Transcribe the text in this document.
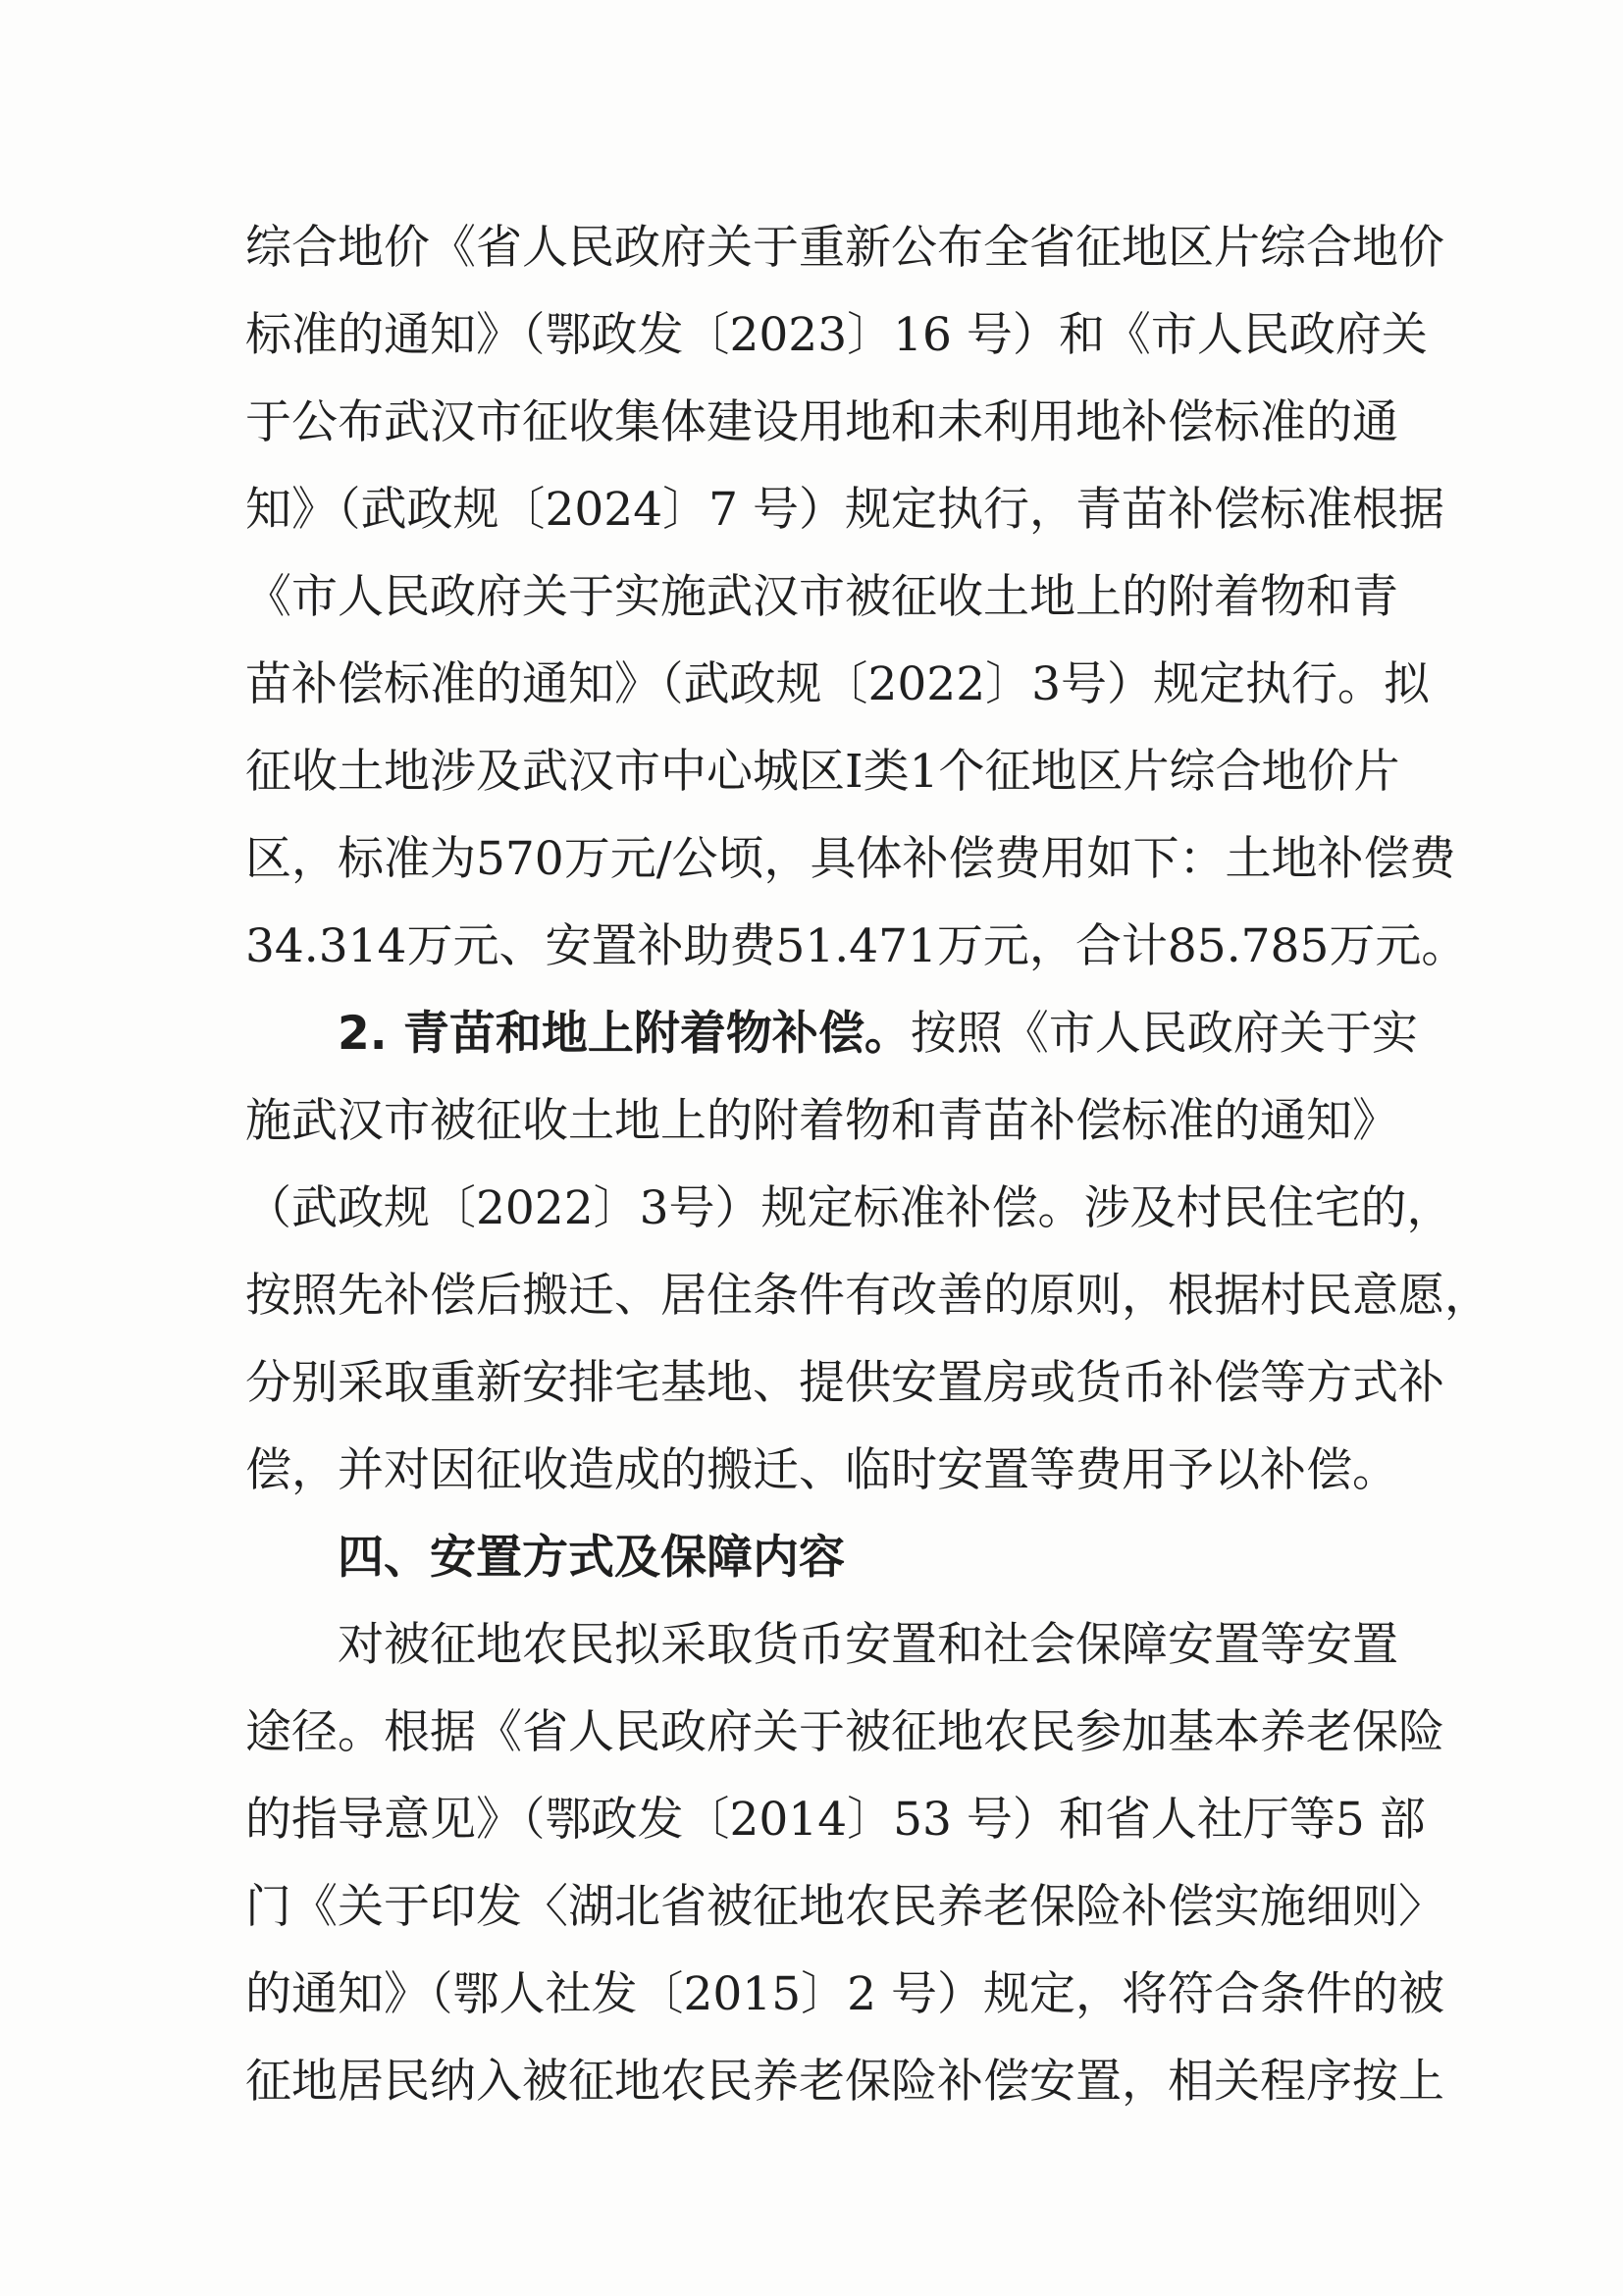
综合地价《省人民政府关于重新公布全省征地区片综合地价
标准的通知》（鄂政发〔2023〕16 号）和《市人民政府关
于公布武汉市征收集体建设用地和未利用地补偿标准的通
知》（武政规〔2024〕7 号）规定执行，青苗补偿标准根据
《市人民政府关于实施武汉市被征收土地上的附着物和青
苗补偿标准的通知》（武政规〔2022〕3号）规定执行。拟
征收土地涉及武汉市中心城区I类1个征地区片综合地价片
区，标准为570万元/公顷，具体补偿费用如下：土地补偿费
34.314万元、安置补助费51.471万元，合计85.785万元。
2. 青苗和地上附着物补偿。按照《市人民政府关于实
施武汉市被征收土地上的附着物和青苗补偿标准的通知》
（武政规〔2022〕3号）规定标准补偿。涉及村民住宅的，
按照先补偿后搬迁、居住条件有改善的原则，根据村民意愿，
分别采取重新安排宅基地、提供安置房或货币补偿等方式补
偿，并对因征收造成的搬迁、临时安置等费用予以补偿。
四、安置方式及保障内容
对被征地农民拟采取货币安置和社会保障安置等安置
途径。根据《省人民政府关于被征地农民参加基本养老保险
的指导意见》（鄂政发〔2014〕53 号）和省人社厅等5 部
门《关于印发〈湖北省被征地农民养老保险补偿实施细则〉
的通知》（鄂人社发〔2015〕2 号）规定，将符合条件的被
征地居民纳入被征地农民养老保险补偿安置，相关程序按上
